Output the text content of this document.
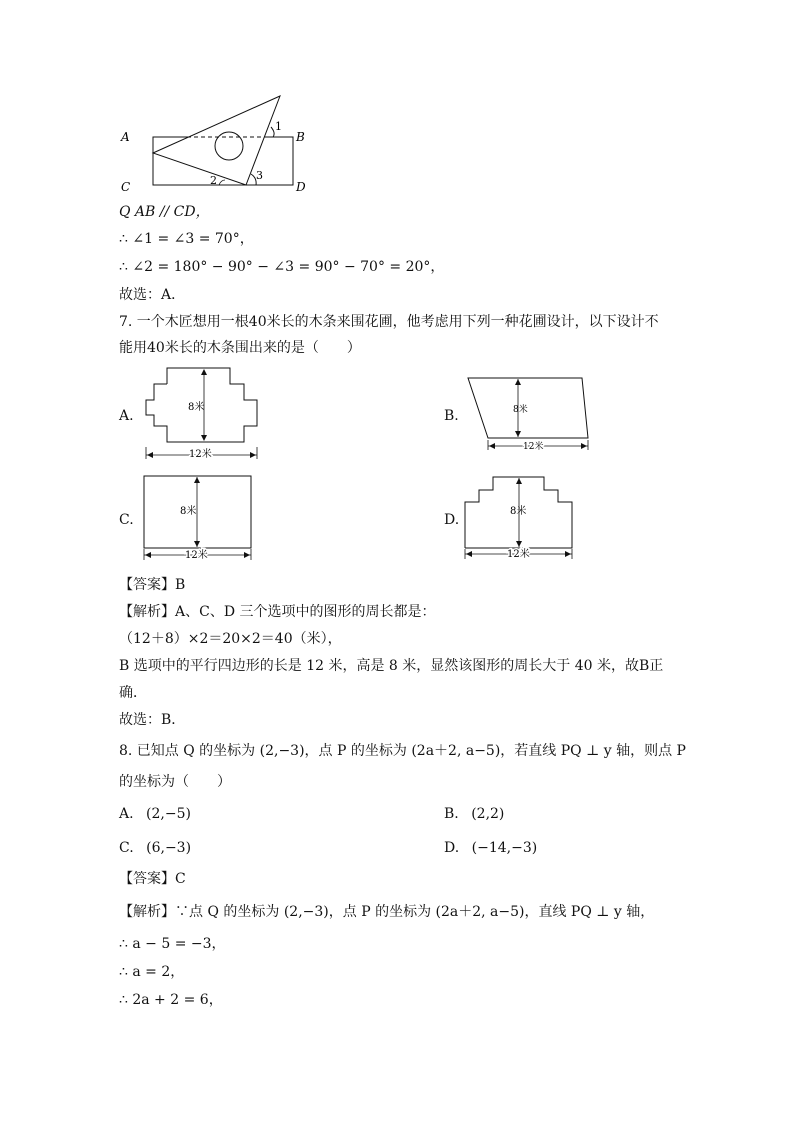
A	B
C	D
1
2	3
Q AB // CD，
∴ ∠1 = ∠3 = 70°，
∴ ∠2 = 180° − 90° − ∠3 = 90° − 70° = 20°，
故选：A．
7. 一个木匠想用一根40米长的木条来围花圃，他考虑用下列一种花圃设计，以下设计不
能用40米长的木条围出来的是（　　）
A.
8米
12米
B.	8米
12米
C.
8米
12米
D.
8米
12米
【答案】B
【解析】A、C、D 三个选项中的图形的周长都是：
（12＋8）×2＝20×2＝40（米），
B 选项中的平行四边形的长是 12 米，高是 8 米，显然该图形的周长大于 40 米，故B正
确．
故选：B．
8. 已知点 Q 的坐标为 (2,−3)，点 P 的坐标为 (2a＋2, a−5)，若直线 PQ ⊥ y 轴，则点 P
的坐标为（　　）
A. (2,−5)	B. (2,2)
C. (6,−3)	D. (−14,−3)
【答案】C
【解析】∵点 Q 的坐标为 (2,−3)，点 P 的坐标为 (2a＋2, a−5)，直线 PQ ⊥ y 轴，
∴ a − 5 = −3，
∴ a = 2，
∴ 2a + 2 = 6，
